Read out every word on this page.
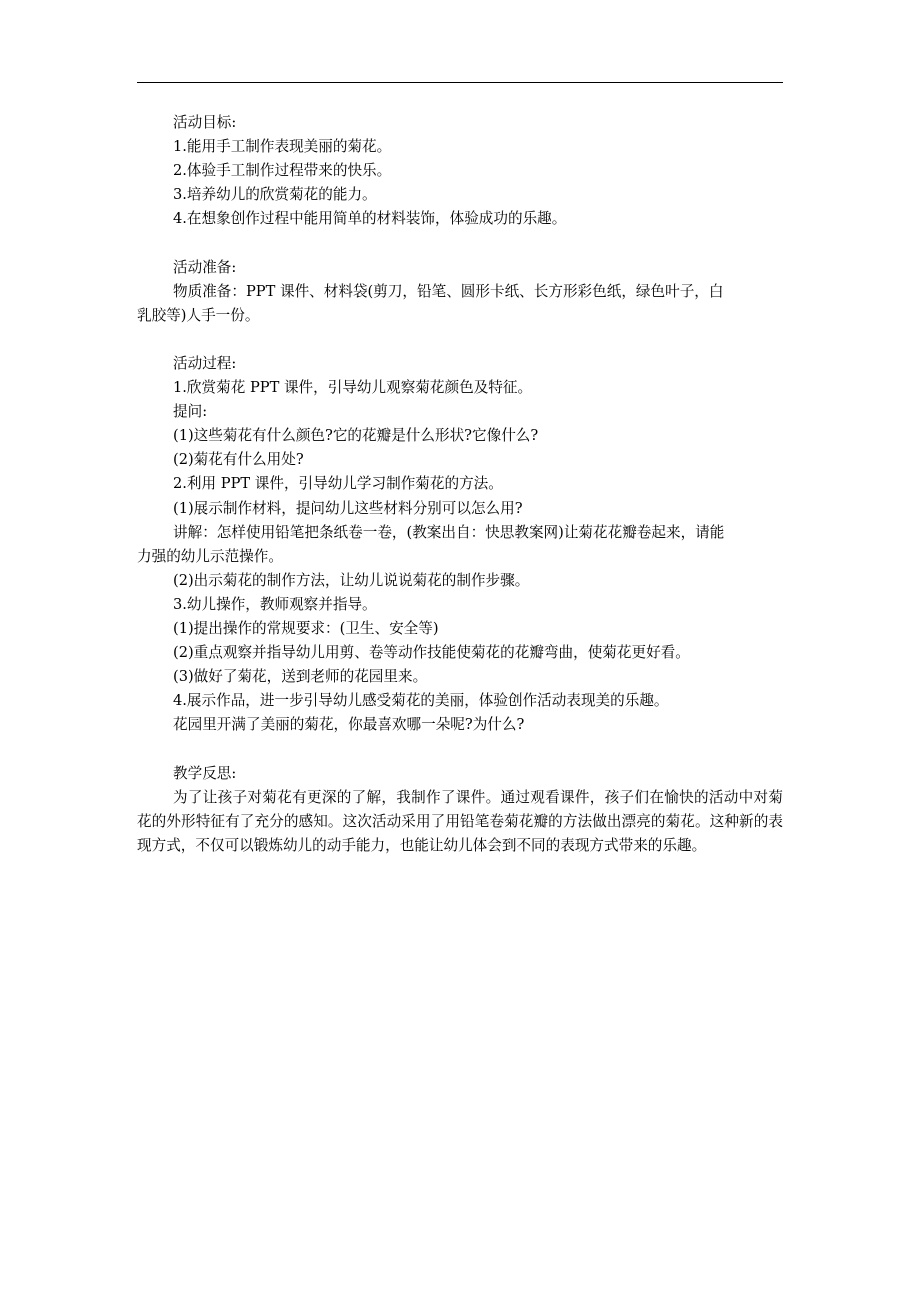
活动目标:

1.能用手工制作表现美丽的菊花。

2.体验手工制作过程带来的快乐。

3.培养幼儿的欣赏菊花的能力。

4.在想象创作过程中能用简单的材料装饰，体验成功的乐趣。

活动准备:

物质准备：PPT 课件、材料袋(剪刀，铅笔、圆形卡纸、长方形彩色纸，绿色叶子，白

乳胶等)人手一份。

活动过程:

1.欣赏菊花 PPT 课件，引导幼儿观察菊花颜色及特征。

提问:

(1)这些菊花有什么颜色?它的花瓣是什么形状?它像什么?

(2)菊花有什么用处?

2.利用 PPT 课件，引导幼儿学习制作菊花的方法。

(1)展示制作材料，提问幼儿这些材料分别可以怎么用?

讲解：怎样使用铅笔把条纸卷一卷，(教案出自：快思教案网)让菊花花瓣卷起来，请能

力强的幼儿示范操作。

(2)出示菊花的制作方法，让幼儿说说菊花的制作步骤。

3.幼儿操作，教师观察并指导。

(1)提出操作的常规要求：(卫生、安全等)

(2)重点观察并指导幼儿用剪、卷等动作技能使菊花的花瓣弯曲，使菊花更好看。

(3)做好了菊花，送到老师的花园里来。

4.展示作品，进一步引导幼儿感受菊花的美丽，体验创作活动表现美的乐趣。

花园里开满了美丽的菊花，你最喜欢哪一朵呢?为什么?

教学反思:

为了让孩子对菊花有更深的了解，我制作了课件。通过观看课件，孩子们在愉快的活动中对菊花的外形特征有了充分的感知。这次活动采用了用铅笔卷菊花瓣的方法做出漂亮的菊花。这种新的表现方式，不仅可以锻炼幼儿的动手能力，也能让幼儿体会到不同的表现方式带来的乐趣。
